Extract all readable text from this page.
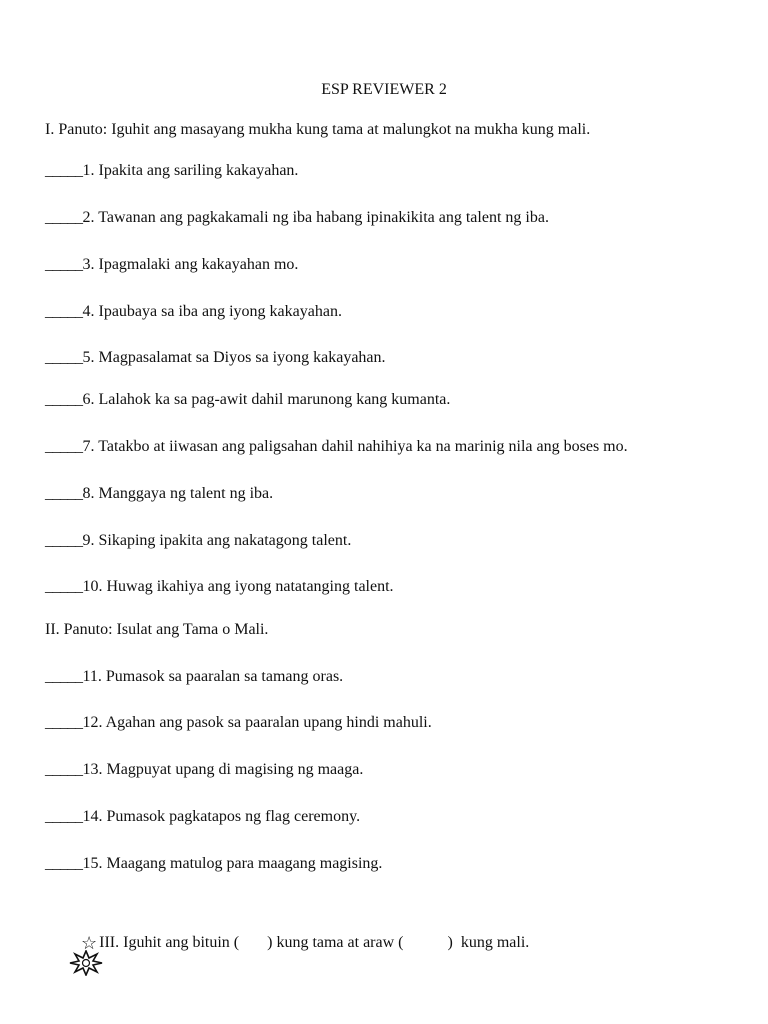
ESP REVIEWER 2
I. Panuto: Iguhit ang masayang mukha kung tama at malungkot na mukha kung mali.
_____1. Ipakita ang sariling kakayahan.
_____2. Tawanan ang pagkakamali ng iba habang ipinakikita ang talent ng iba.
_____3. Ipagmalaki ang kakayahan mo.
_____4. Ipaubaya sa iba ang iyong kakayahan.
_____5. Magpasalamat sa Diyos sa iyong kakayahan.
_____6. Lalahok ka sa pag-awit dahil marunong kang kumanta.
_____7. Tatakbo at iiwasan ang paligsahan dahil nahihiya ka na marinig nila ang boses mo.
_____8. Manggaya ng talent ng iba.
_____9. Sikaping ipakita ang nakatagong talent.
_____10. Huwag ikahiya ang iyong natatanging talent.
II. Panuto: Isulat ang Tama o Mali.
_____11. Pumasok sa paaralan sa tamang oras.
_____12. Agahan ang pasok sa paaralan upang hindi mahuli.
_____13. Magpuyat upang di magising ng maaga.
_____14. Pumasok pagkatapos ng flag ceremony.
_____15. Maagang matulog para maagang magising.

☆ III. Iguhit ang bituin (       ) kung tama at araw (           )  kung mali.
